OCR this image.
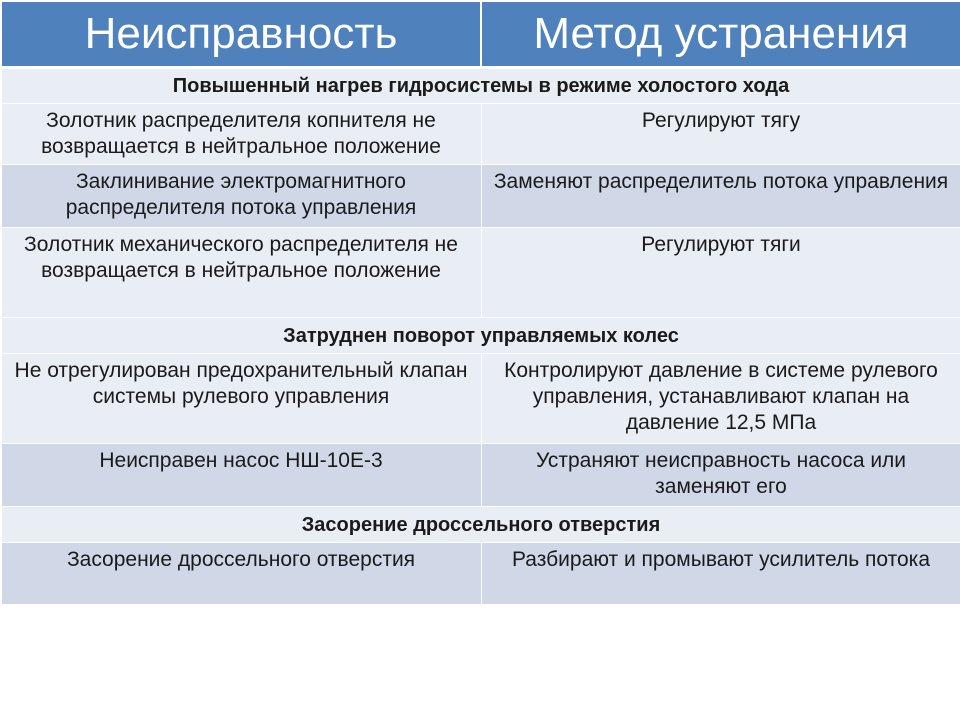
Неисправность	Метод устранения
Повышенный нагрев гидросистемы в режиме холостого хода	
Золотник распределителя копнителя не возвращается в нейтральное положение	Регулируют тягу
Заклинивание электромагнитного распределителя потока управления	Заменяют распределитель потока управления
Золотник механического распределителя не возвращается в нейтральное положение	Регулируют тяги
Затруднен поворот управляемых колес	
Не отрегулирован предохранительный клапан системы рулевого управления	Контролируют давление в системе рулевого управления, устанавливают клапан на давление 12,5 МПа
Неисправен насос НШ-10Е-3	Устраняют неисправность насоса или заменяют его
Засорение дроссельного отверстия	
Засорение дроссельного отверстия	Разбирают и промывают усилитель потока
